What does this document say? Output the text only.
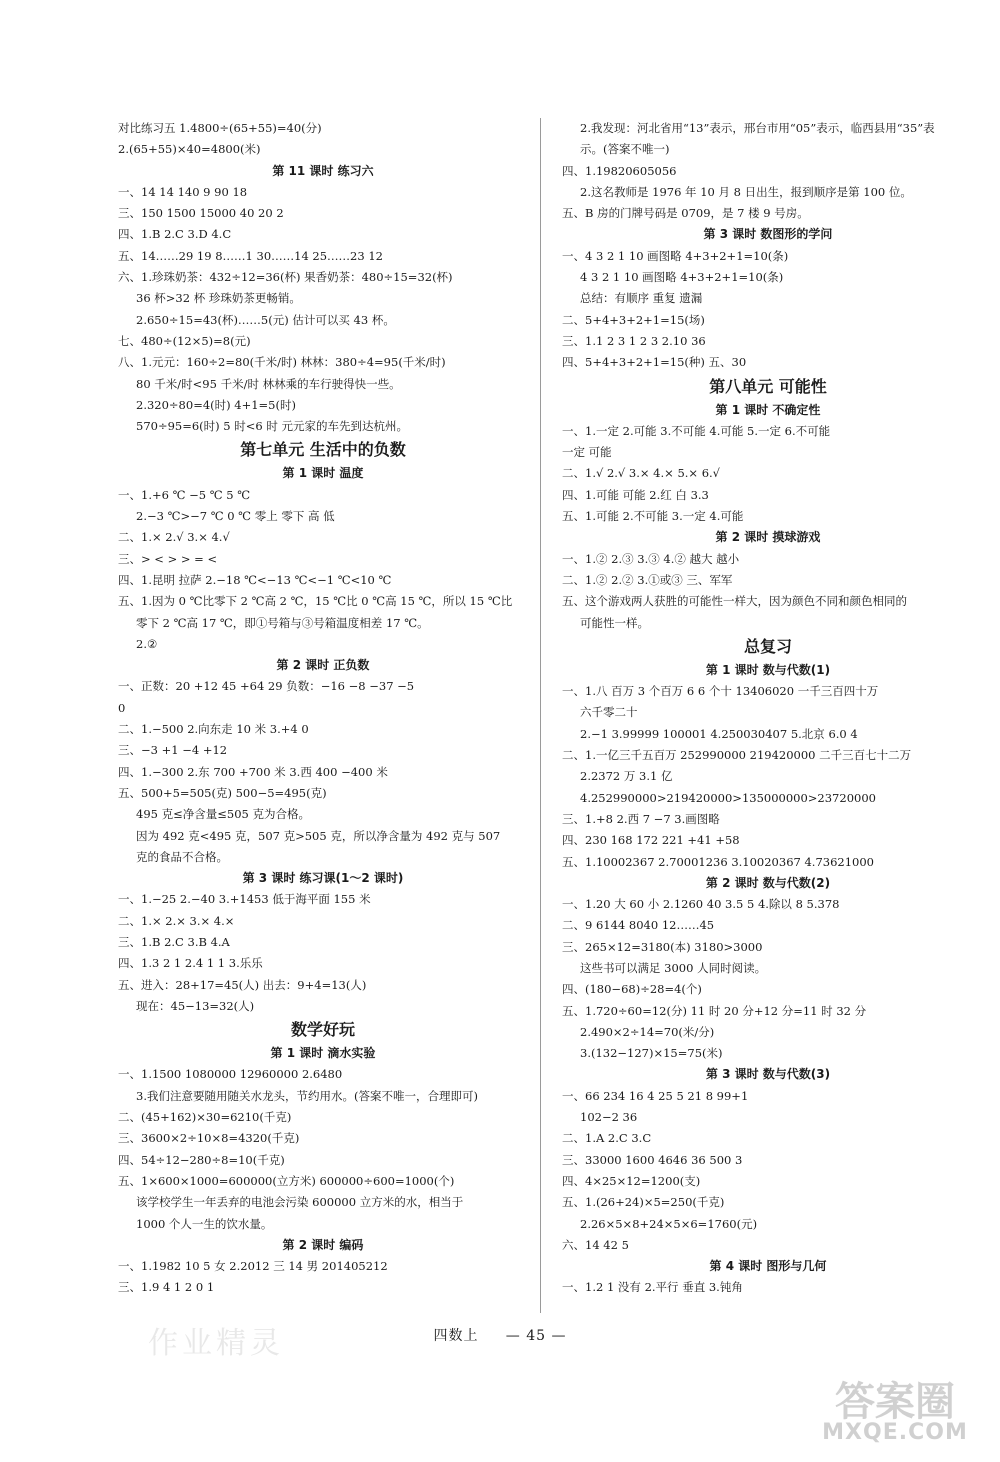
对比练习五 1.4800÷(65+55)=40(分)
2.(65+55)×40=4800(米)
第 11 课时 练习六
一、14 14 140 9 90 18
三、150 1500 15000 40 20 2
四、1.B 2.C 3.D 4.C
五、14……29 19 8……1 30……14 25……23 12
六、1.珍珠奶茶：432÷12=36(杯) 果香奶茶：480÷15=32(杯)
36 杯>32 杯 珍珠奶茶更畅销。
2.650÷15=43(杯)……5(元) 估计可以买 43 杯。
七、480÷(12×5)=8(元)
八、1.元元：160÷2=80(千米/时) 林林：380÷4=95(千米/时)
80 千米/时<95 千米/时 林林乘的车行驶得快一些。
2.320÷80=4(时) 4+1=5(时)
570÷95=6(时) 5 时<6 时 元元家的车先到达杭州。
第七单元 生活中的负数
第 1 课时 温度
一、1.+6 ℃ −5 ℃ 5 ℃
2.−3 ℃>−7 ℃ 0 ℃ 零上 零下 高 低
二、1.× 2.√ 3.× 4.√
三、> < > > = <
四、1.昆明 拉萨 2.−18 ℃<−13 ℃<−1 ℃<10 ℃
五、1.因为 0 ℃比零下 2 ℃高 2 ℃，15 ℃比 0 ℃高 15 ℃，所以 15 ℃比
零下 2 ℃高 17 ℃，即①号箱与③号箱温度相差 17 ℃。
2.②
第 2 课时 正负数
一、正数：20 +12 45 +64 29 负数：−16 −8 −37 −5
0
二、1.−500 2.向东走 10 米 3.+4 0
三、−3 +1 −4 +12
四、1.−300 2.东 700 +700 米 3.西 400 −400 米
五、500+5=505(克) 500−5=495(克)
495 克≤净含量≤505 克为合格。
因为 492 克<495 克，507 克>505 克，所以净含量为 492 克与 507
克的食品不合格。
第 3 课时 练习课(1～2 课时)
一、1.−25 2.−40 3.+1453 低于海平面 155 米
二、1.× 2.× 3.× 4.×
三、1.B 2.C 3.B 4.A
四、1.3 2 1 2.4 1 1 3.乐乐
五、进入：28+17=45(人) 出去：9+4=13(人)
现在：45−13=32(人)
数学好玩
第 1 课时 滴水实验
一、1.1500 1080000 12960000 2.6480
3.我们注意要随用随关水龙头，节约用水。(答案不唯一，合理即可)
二、(45+162)×30=6210(千克)
三、3600×2÷10×8=4320(千克)
四、54÷12−280÷8=10(千克)
五、1×600×1000=600000(立方米) 600000÷600=1000(个)
该学校学生一年丢弃的电池会污染 600000 立方米的水，相当于
1000 个人一生的饮水量。
第 2 课时 编码
一、1.1982 10 5 女 2.2012 三 14 男 201405212
三、1.9 4 1 2 0 1
2.我发现：河北省用“13”表示，邢台市用“05”表示，临西县用“35”表
示。(答案不唯一)
四、1.19820605056
2.这名教师是 1976 年 10 月 8 日出生，报到顺序是第 100 位。
五、B 房的门牌号码是 0709，是 7 楼 9 号房。
第 3 课时 数图形的学问
一、4 3 2 1 10 画图略 4+3+2+1=10(条)
4 3 2 1 10 画图略 4+3+2+1=10(条)
总结：有顺序 重复 遗漏
二、5+4+3+2+1=15(场)
三、1.1 2 3 1 2 3 2.10 36
四、5+4+3+2+1=15(种) 五、30
第八单元 可能性
第 1 课时 不确定性
一、1.一定 2.可能 3.不可能 4.可能 5.一定 6.不可能
一定 可能
二、1.√ 2.√ 3.× 4.× 5.× 6.√
四、1.可能 可能 2.红 白 3.3
五、1.可能 2.不可能 3.一定 4.可能
第 2 课时 摸球游戏
一、1.② 2.③ 3.③ 4.② 越大 越小
二、1.② 2.② 3.①或③ 三、军军
五、这个游戏两人获胜的可能性一样大，因为颜色不同和颜色相同的
可能性一样。
总复习
第 1 课时 数与代数(1)
一、1.八 百万 3 个百万 6 6 个十 13406020 一千三百四十万
六千零二十
2.−1 3.99999 100001 4.250030407 5.北京 6.0 4
二、1.一亿三千五百万 252990000 219420000 二千三百七十二万
2.2372 万 3.1 亿
4.252990000>219420000>135000000>23720000
三、1.+8 2.西 7 −7 3.画图略
四、230 168 172 221 +41 +58
五、1.10002367 2.70001236 3.10020367 4.73621000
第 2 课时 数与代数(2)
一、1.20 大 60 小 2.1260 40 3.5 5 4.除以 8 5.378
二、9 6144 8040 12……45
三、265×12=3180(本) 3180>3000
这些书可以满足 3000 人同时阅读。
四、(180−68)÷28=4(个)
五、1.720÷60=12(分) 11 时 20 分+12 分=11 时 32 分
2.490×2÷14=70(米/分)
3.(132−127)×15=75(米)
第 3 课时 数与代数(3)
一、66 234 16 4 25 5 21 8 99+1
102−2 36
二、1.A 2.C 3.C
三、33000 1600 4646 36 500 3
四、4×25×12=1200(支)
五、1.(26+24)×5=250(千克)
2.26×5×8+24×5×6=1760(元)
六、14 42 5
第 4 课时 图形与几何
一、1.2 1 没有 2.平行 垂直 3.钝角
作业精灵	四数上 — 45 —
答案圈
MXQE.COM
